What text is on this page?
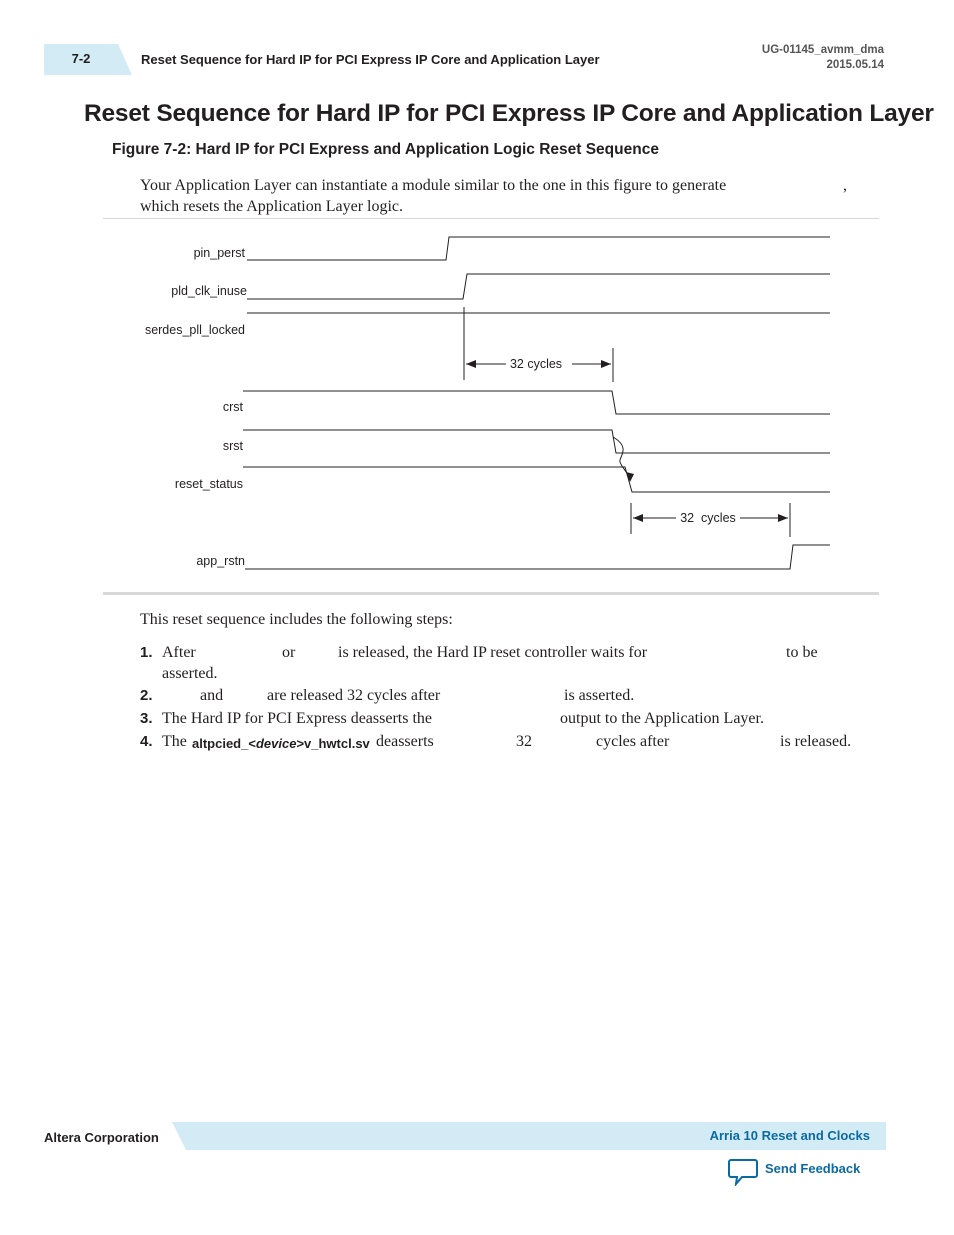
7-2	Reset Sequence for Hard IP for PCI Express IP Core and Application Layer
UG-01145_avmm_dma
2015.05.14
Reset Sequence for Hard IP for PCI Express IP Core and Application Layer
Figure 7-2: Hard IP for PCI Express and Application Logic Reset Sequence
Your Application Layer can instantiate a module similar to the one in this figure to generate	,
which resets the Application Layer logic.
pin_perst
pld_clk_inuse
serdes_pll_locked
crst
srst
reset_status
app_rstn
32 cycles
32  cycles
This reset sequence includes the following steps:
1. After	or	is released, the Hard IP reset controller waits for	to be
asserted.
2.	and	are released 32 cycles after	is asserted.
3. The Hard IP for PCI Express deasserts the	output to the Application Layer.
4. The altpcied_<device>v_hwtcl.sv deasserts	32	cycles after	is released.
Altera Corporation	Arria 10 Reset and Clocks
Send Feedback
